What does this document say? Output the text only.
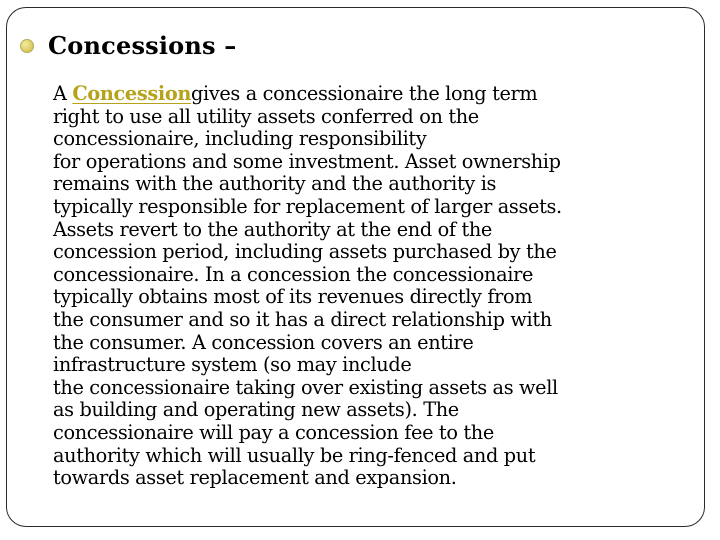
Concessions –

A Concessiongives a concessionaire the long term
right to use all utility assets conferred on the
concessionaire, including responsibility
for operations and some investment. Asset ownership
remains with the authority and the authority is
typically responsible for replacement of larger assets.
Assets revert to the authority at the end of the
concession period, including assets purchased by the
concessionaire. In a concession the concessionaire
typically obtains most of its revenues directly from
the consumer and so it has a direct relationship with
the consumer. A concession covers an entire
infrastructure system (so may include
the concessionaire taking over existing assets as well
as building and operating new assets). The
concessionaire will pay a concession fee to the
authority which will usually be ring-fenced and put
towards asset replacement and expansion.
